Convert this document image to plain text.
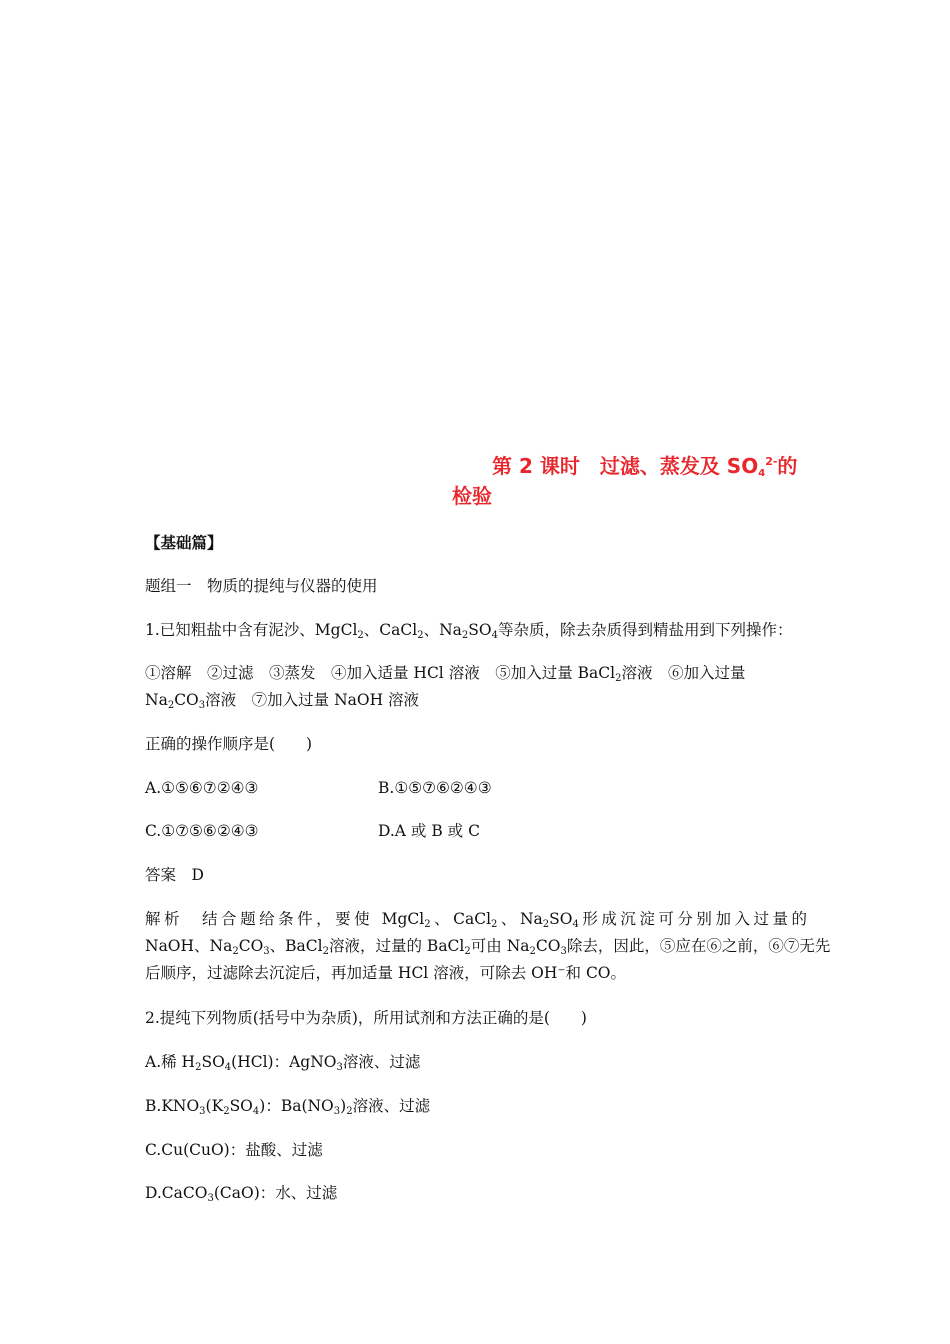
第 2 课时　过滤、蒸发及 $SO_4^{2-}$的
检验
【基础篇】
题组一　物质的提纯与仪器的使用
1.已知粗盐中含有泥沙、MgCl$_2$、CaCl$_2$、$Na_2SO_4$等杂质，除去杂质得到精盐用到下列操作：
①溶解　②过滤　③蒸发　④加入适量 HCl 溶液　⑤加入过量 BaCl$_2$溶液　⑥加入过量
$Na_2CO_3$溶液　⑦加入过量 NaOH 溶液
正确的操作顺序是(　　)
A.①⑤⑥⑦②④③	B.①⑤⑦⑥②④③
C.①⑦⑤⑥②④③	D.A 或 B 或 C
答案　D
解析　结合题给条件，要使 MgCl$_2$、CaCl$_2$、$Na_2SO_4$形成沉淀可分别加入过量的
NaOH、$Na_2CO_3$、BaCl$_2$溶液，过量的 BaCl$_2$可由 $Na_2CO_3$除去，因此，⑤应在⑥之前，⑥⑦无先
后顺序，过滤除去沉淀后，再加适量 HCl 溶液，可除去 OH⁻和 CO。
2.提纯下列物质(括号中为杂质)，所用试剂和方法正确的是(　　)
A.稀 $H_2SO_4(HCl)$：AgNO$_3$溶液、过滤
$B.KNO_3(K_2SO_4)$：$Ba(NO_3)_2$溶液、过滤
C.Cu(CuO)：盐酸、过滤
D.CaCO$_3$(CaO)：水、过滤
